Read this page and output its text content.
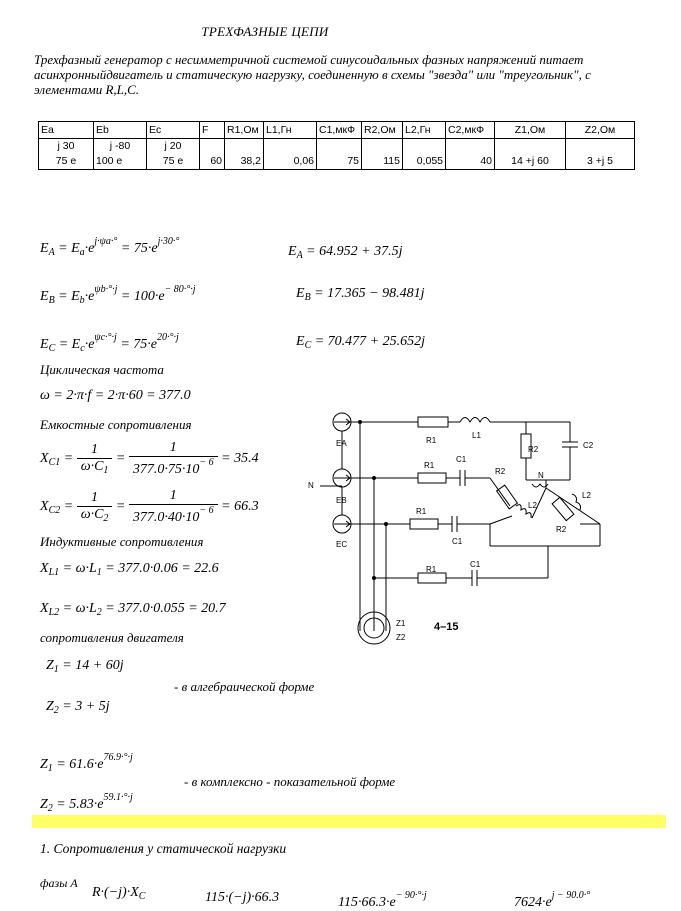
ТРЕХФАЗНЫЕ ЦЕПИ
Трехфазный генератор с несимметричной системой синусоидальных фазных напряжений питает асинхронныйдвигатель и статическую нагрузку, соединенную в схемы "звезда" или "треугольник", с элементами R,L,C.
Ea	Eb	Ec	F	R1,Ом	L1,Гн	C1,мкФ	R2,Ом	L2,Гн	C2,мкФ	Z1,Ом	Z2,Ом
j 30	j -80	j 20									
75 e	100 e	75 e	60	38,2	0,06	75	115	0,055	40	14 +j 60	3 +j 5
$E_A = E_a\cdot e^{j\cdot\psi a\cdot^\circ} = 75\cdot e^{j\cdot 30\cdot^\circ}$
$E_A = 64.952 + 37.5j$
$E_B = E_b\cdot e^{\psi b\cdot^\circ\cdot j} = 100\cdot e^{- 80\cdot^\circ\cdot j}$	$E_B = 17.365 - 98.481j$
$E_C = E_c\cdot e^{\psi c\cdot^\circ\cdot j} = 75\cdot e^{20\cdot^\circ\cdot j}$	$E_C = 70.477 + 25.652j$
Циклическая частота
ω = 2·π·f = 2·π·60 = 377.0
Емкостные сопротивления
$X_{C1} = \frac{1}{\omega\cdot C_1} = \frac{1}{377.0\cdot 75\cdot 10^{- 6}} = 35.4$
$X_{C2} = \frac{1}{\omega\cdot C_2} = \frac{1}{377.0\cdot 40\cdot 10^{- 6}} = 66.3$
Индуктивные сопротивления
$X_{L1} = \omega\cdot L_1 = 377.0\cdot 0.06 = 22.6$
$X_{L2} = \omega\cdot L_2 = 377.0\cdot 0.055 = 20.7$
сопротивления двигателя
$Z_1 = 14 + 60j$
- в алгебраической форме
$Z_2 = 3 + 5j$
$Z_1 = 61.6\cdot e^{76.9\cdot^\circ\cdot j}$
- в комплексно - показательной форме
$Z_2 = 5.83\cdot e^{59.1\cdot^\circ\cdot j}$
1. Сопротивления у статической нагрузки
фазы A
$R\cdot(-j)\cdot X_C$	115·(−j)·66.3	$115\cdot 66.3\cdot e^{- 90\cdot^\circ\cdot j}$	$7624\cdot e^{j - 90.0\cdot^\circ}$
EA
EB
EC
N
N
R1
L1
R2	C2
R1
C1
R2
L2
L2
R2
R1
C1
R1
C1
Z1
Z2
4–15
